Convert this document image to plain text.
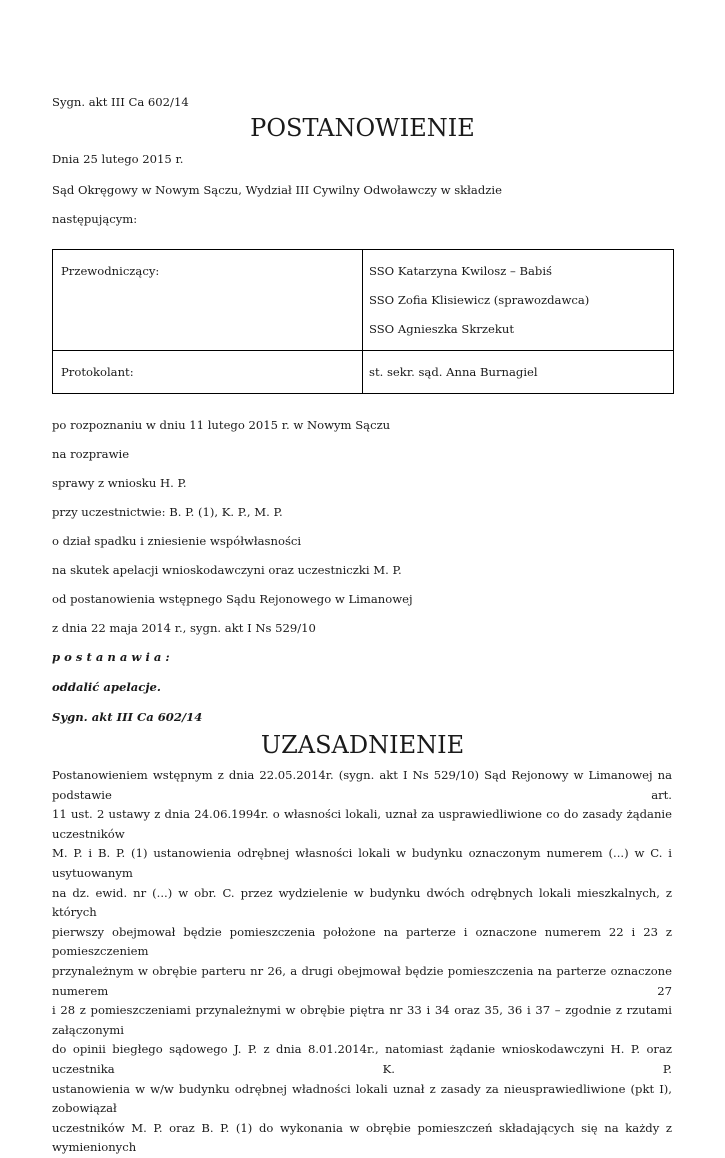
Sygn. akt III Ca 602/14
POSTANOWIENIE
Dnia 25 lutego 2015 r.
Sąd Okręgowy w Nowym Sączu, Wydział III Cywilny Odwoławczy w składzie
następującym:
Przewodniczący:	SSO Katarzyna Kwilosz – Babiś
SSO Zofia Klisiewicz (sprawozdawca)
SSO Agnieszka Skrzekut
Protokolant:	st. sekr. sąd. Anna Burnagiel
po rozpoznaniu w dniu 11 lutego 2015 r. w Nowym Sączu
na rozprawie
sprawy z wniosku H. P.
przy uczestnictwie: B. P. (1), K. P., M. P.
o dział spadku i zniesienie współwłasności
na skutek apelacji wnioskodawczyni oraz uczestniczki M. P.
od postanowienia wstępnego Sądu Rejonowego w Limanowej
z dnia 22 maja 2014 r., sygn. akt I Ns 529/10
p o s t a n a w i a :
oddalić apelacje.
Sygn. akt III Ca 602/14
UZASADNIENIE
Postanowieniem wstępnym z dnia 22.05.2014r. (sygn. akt I Ns 529/10) Sąd Rejonowy w Limanowej na podstawie art.
11 ust. 2 ustawy z dnia 24.06.1994r. o własności lokali, uznał za usprawiedliwione co do zasady żądanie uczestników
M. P. i B. P. (1) ustanowienia odrębnej własności lokali w budynku oznaczonym numerem (...) w C. i usytuowanym
na dz. ewid. nr (...) w obr. C. przez wydzielenie w budynku dwóch odrębnych lokali mieszkalnych, z których
pierwszy obejmował będzie pomieszczenia położone na parterze i oznaczone numerem 22 i 23 z pomieszczeniem
przynależnym w obrębie parteru nr 26, a drugi obejmował będzie pomieszczenia na parterze oznaczone numerem 27
i 28 z pomieszczeniami przynależnymi w obrębie piętra nr 33 i 34 oraz 35, 36 i 37 – zgodnie z rzutami załączonymi
do opinii biegłego sądowego J. P. z dnia 8.01.2014r., natomiast żądanie wnioskodawczyni H. P. oraz uczestnika K. P.
ustanowienia w w/w budynku odrębnej władności lokali uznał z zasady za nieusprawiedliwione (pkt I), zobowiązał
uczestników M. P. oraz B. P. (1) do wykonania w obrębie pomieszczeń składających się na każdy z wymienionych
